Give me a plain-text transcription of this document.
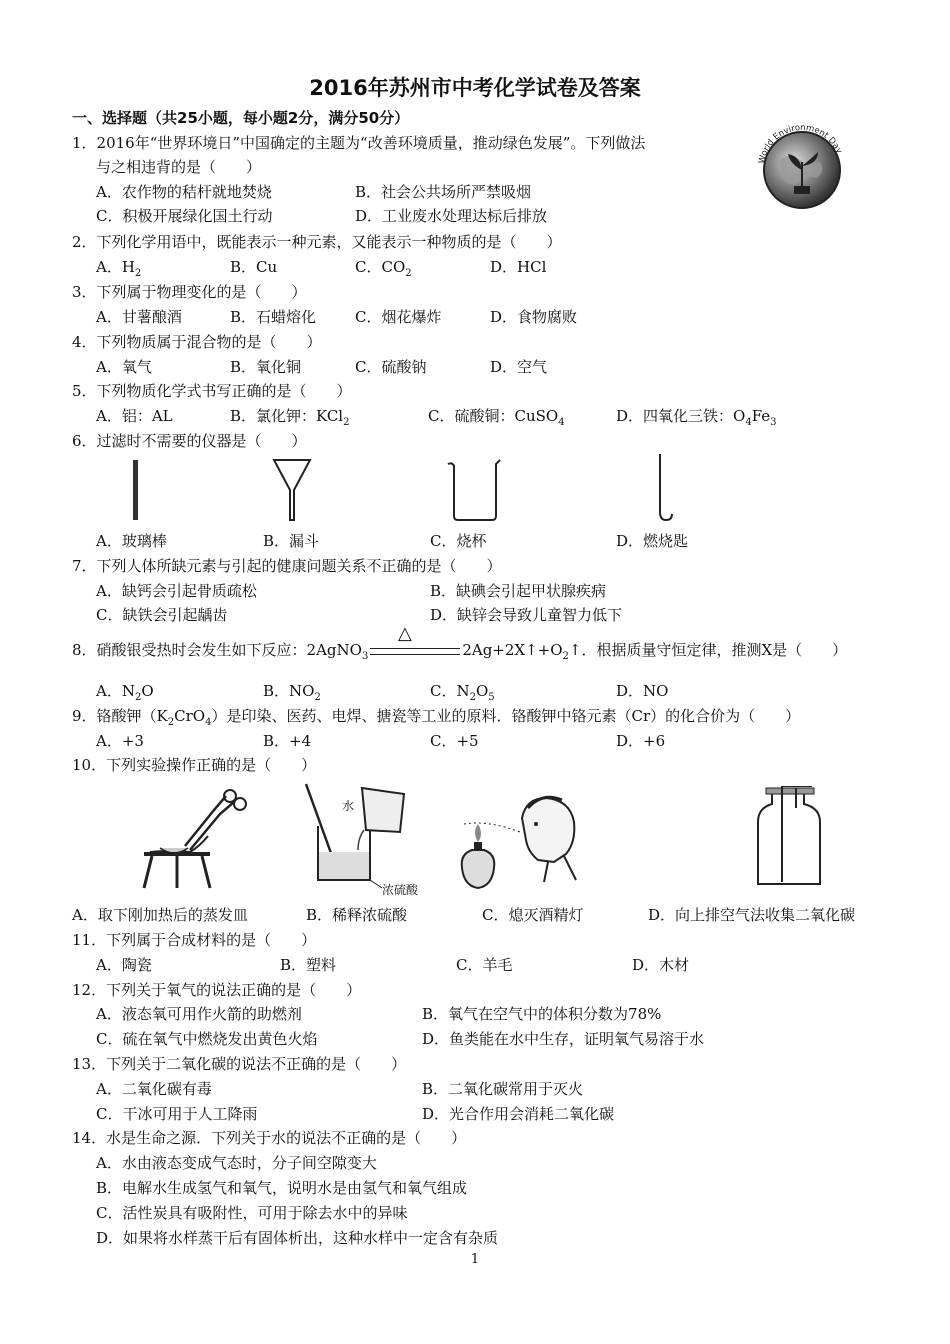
2016年苏州市中考化学试卷及答案
一、选择题（共25小题，每小题2分，满分50分）
1．2016年“世界环境日”中国确定的主题为“改善环境质量，推动绿色发展”。下列做法
与之相违背的是（　　）
A．农作物的秸杆就地焚烧	B．社会公共场所严禁吸烟
C．积极开展绿化国土行动	D．工业废水处理达标后排放
World Environment Day
2．下列化学用语中，既能表示一种元素，又能表示一种物质的是（　　）
A．$H_2$	B．Cu	C．$CO_2$	D．HCl
3．下列属于物理变化的是（　　）
A．甘薯酿酒	B．石蜡熔化	C．烟花爆炸	D．食物腐败
4．下列物质属于混合物的是（　　）
A．氧气	B．氧化铜	C．硫酸钠	D．空气
5．下列物质化学式书写正确的是（　　）
A．铝：AL	B．氯化钾：KCl$_2$	C．硫酸铜：CuSO$_4$	D．四氧化三铁：$O_4Fe_3$
6．过滤时不需要的仪器是（　　）
A．玻璃棒	B．漏斗	C．烧杯	D．燃烧匙
7．下列人体所缺元素与引起的健康问题关系不正确的是（　　）
A．缺钙会引起骨质疏松	B．缺碘会引起甲状腺疾病
C．缺铁会引起龋齿	D．缺锌会导致儿童智力低下
△
8．硝酸银受热时会发生如下反应：2AgNO$_3$	$2Ag+2X↑+O_2↑$．根据质量守恒定律，推测X是（　　）
A．$N_2O$	B．$NO_2$	C．$N_2O_5$	D．NO
9．铬酸钾$(K_2CrO_4)$是印染、医药、电焊、搪瓷等工业的原料．铬酸钾中铬元素（Cr）的化合价为（　　）
A．+3	B．+4	C．+5	D．+6
10．下列实验操作正确的是（　　）
水
浓硫酸
A．取下刚加热后的蒸发皿	B．稀释浓硫酸	C．熄灭酒精灯	D．向上排空气法收集二氧化碳
11．下列属于合成材料的是（　　）
A．陶瓷	B．塑料	C．羊毛	D．木材
12．下列关于氧气的说法正确的是（　　）
A．液态氧可用作火箭的助燃剂	B．氧气在空气中的体积分数为78%
C．硫在氧气中燃烧发出黄色火焰	D．鱼类能在水中生存，证明氧气易溶于水
13．下列关于二氧化碳的说法不正确的是（　　）
A．二氧化碳有毒	B．二氧化碳常用于灭火
C．干冰可用于人工降雨	D．光合作用会消耗二氧化碳
14．水是生命之源．下列关于水的说法不正确的是（　　）
A．水由液态变成气态时，分子间空隙变大
B．电解水生成氢气和氧气，说明水是由氢气和氧气组成
C．活性炭具有吸附性，可用于除去水中的异味
D．如果将水样蒸干后有固体析出，这种水样中一定含有杂质
1
